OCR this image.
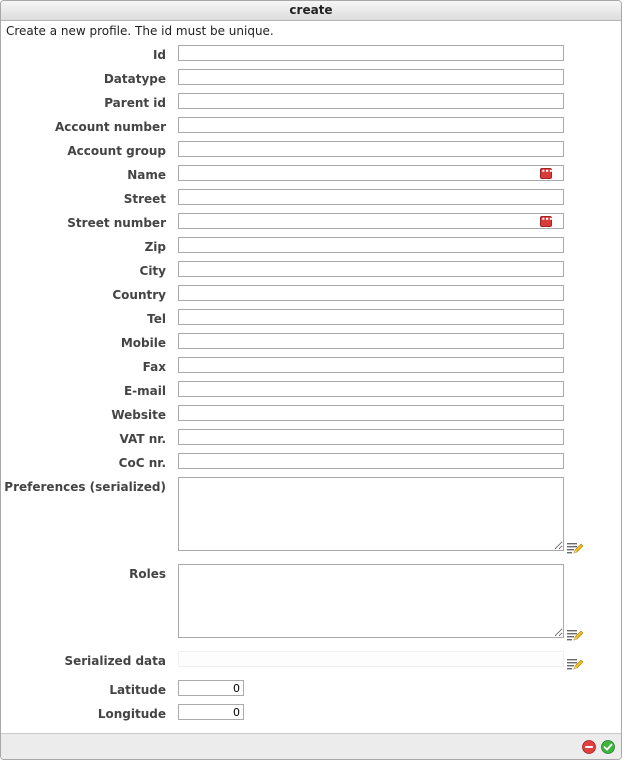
create
Create a new profile. The id must be unique.
Id
Datatype
Parent id
Account number
Account group
Name	•••
Street
Street number	•••
Zip
City
Country
Tel
Mobile
Fax
E-mail
Website
VAT nr.
CoC nr.
Preferences (serialized)
Roles
Serialized data
Latitude
0
Longitude
0
